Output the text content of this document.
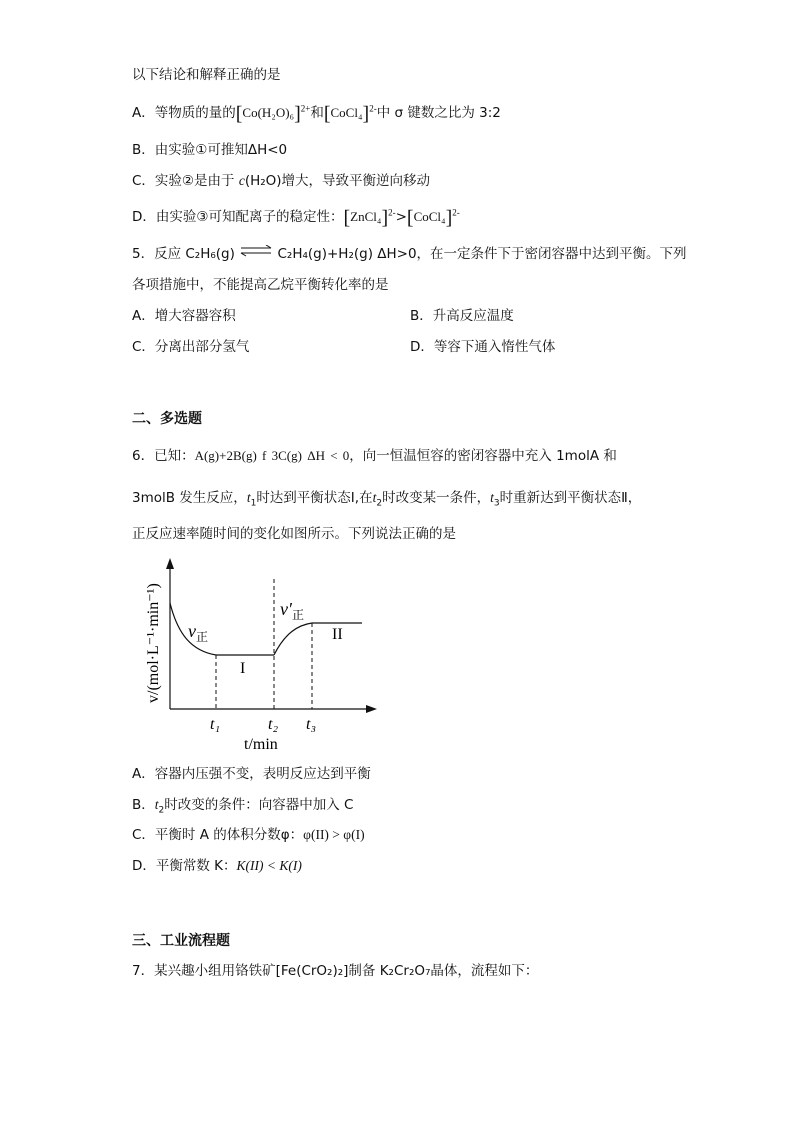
以下结论和解释正确的是
A．等物质的量的$[Co(H_2O)_6]^{2+}$和[CoCl₄]$^{2-}$中 σ 键数之比为 3:2
B．由实验①可推知ΔH<0
C．实验②是由于 c(H₂O)增大，导致平衡逆向移动
D．由实验③可知配离子的稳定性：[ZnCl₄]$^{2-}$>[CoCl₄]$^{2-}$
5．反应 C₂H₆(g) ⇌ C₂H₄(g)+H₂(g) ΔH>0，在一定条件下于密闭容器中达到平衡。下列
各项措施中，不能提高乙烷平衡转化率的是
A．增大容器容积	B．升高反应温度
C．分离出部分氢气	D．等容下通入惰性气体
二、多选题
6．已知：A(g)+2B(g) f 3C(g) ΔH < 0，向一恒温恒容的密闭容器中充入 1molA 和
3molB 发生反应，$t_1$时达到平衡状态Ⅰ,在$t_2$时改变某一条件，$t_3$时重新达到平衡状态Ⅱ，
正反应速率随时间的变化如图所示。下列说法正确的是
$v_正$
$v'_正$
I
II
t₁	t₂ t₃
t/min
v/(mol·L⁻¹·min⁻¹)
A．容器内压强不变，表明反应达到平衡
B．$t_2$时改变的条件：向容器中加入 C
C．平衡时 A 的体积分数φ：φ(II) > φ(I)
D．平衡常数 K：K(II) < K(I)
三、工业流程题
7．某兴趣小组用铬铁矿[Fe(CrO₂)₂]制备 K₂Cr₂O₇晶体，流程如下：
